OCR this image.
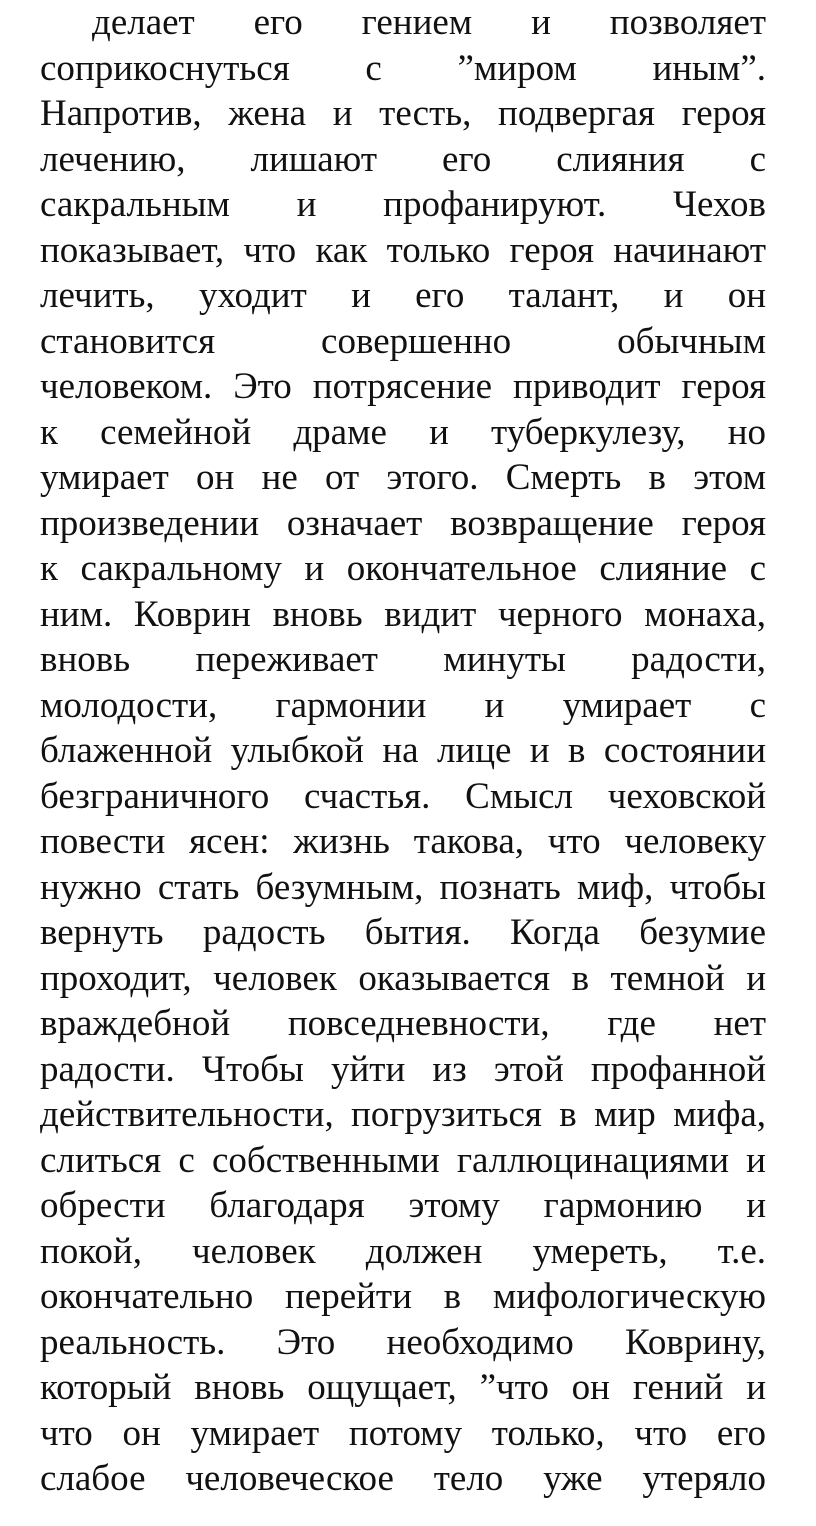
делает его гением и позволяет
соприкоснуться с ”миром иным”.
Напротив, жена и тесть, подвергая героя
лечению, лишают его слияния с
сакральным и профанируют. Чехов
показывает, что как только героя начинают
лечить, уходит и его талант, и он
становится совершенно обычным
человеком. Это потрясение приводит героя
к семейной драме и туберкулезу, но
умирает он не от этого. Смерть в этом
произведении означает возвращение героя
к сакральному и окончательное слияние с
ним. Коврин вновь видит черного монаха,
вновь переживает минуты радости,
молодости, гармонии и умирает с
блаженной улыбкой на лице и в состоянии
безграничного счастья. Смысл чеховской
повести ясен: жизнь такова, что человеку
нужно стать безумным, познать миф, чтобы
вернуть радость бытия. Когда безумие
проходит, человек оказывается в темной и
враждебной повседневности, где нет
радости. Чтобы уйти из этой профанной
действительности, погрузиться в мир мифа,
слиться с собственными галлюцинациями и
обрести благодаря этому гармонию и
покой, человек должен умереть, т.е.
окончательно перейти в мифологическую
реальность. Это необходимо Коврину,
который вновь ощущает, ”что он гений и
что он умирает потому только, что его
слабое человеческое тело уже утеряло
